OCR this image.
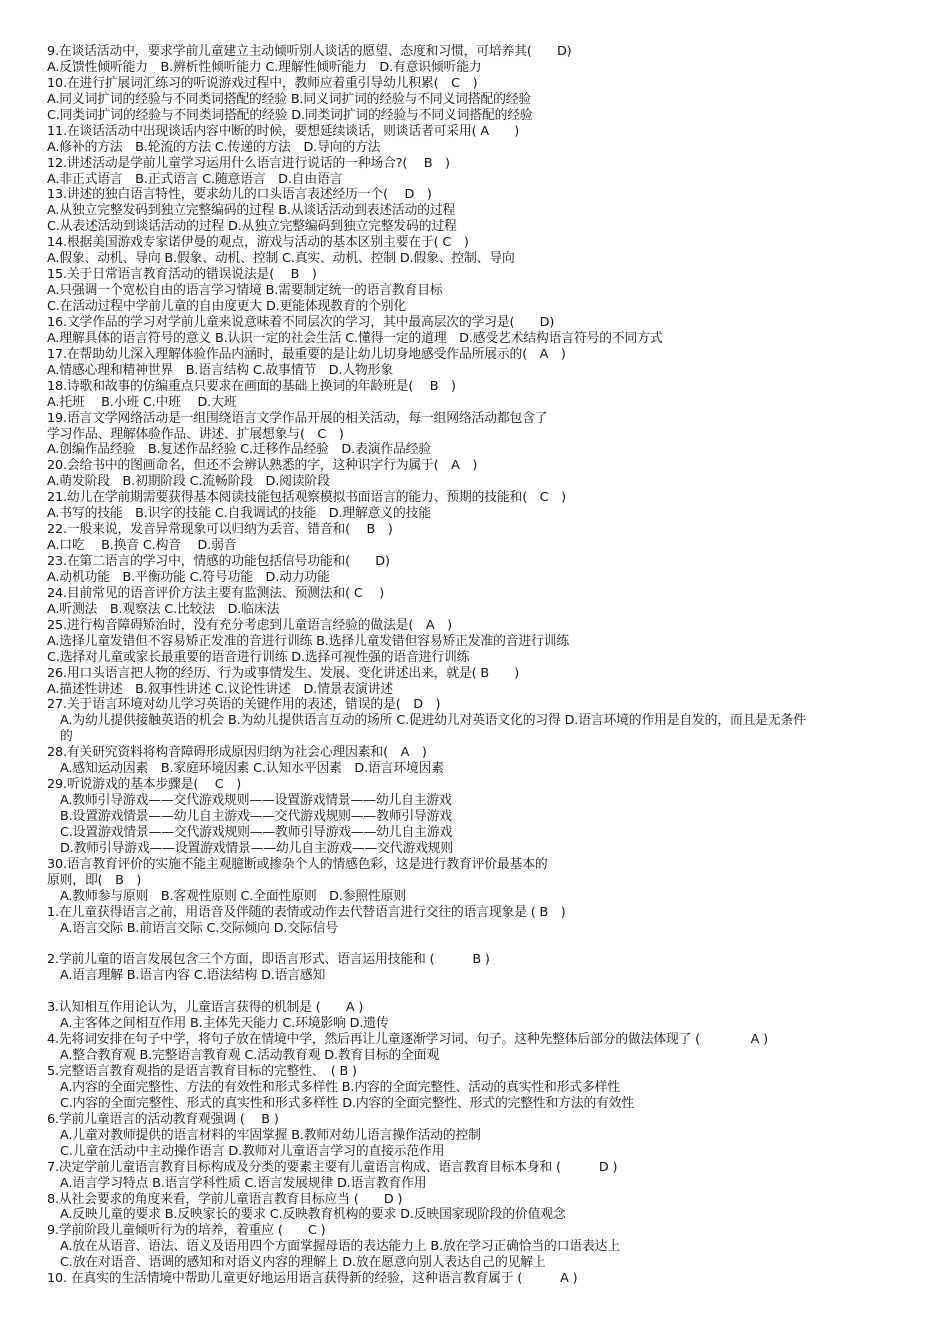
9.在谈话活动中，要求学前儿童建立主动倾听别人谈话的愿望、态度和习惯，可培养其(　　D)
A.反馈性倾听能力　B.辨析性倾听能力 C.理解性倾听能力　D.有意识倾听能力
10.在进行扩展词汇练习的听说游戏过程中，教师应着重引导幼儿积累(　C　)
A.同义词扩词的经验与不同类词搭配的经验 B.同义词扩词的经验与不同义词搭配的经验
C.同类词扩词的经验与不同类词搭配的经验 D.同类词扩词的经验与不同义词搭配的经验
11.在谈话活动中出现谈话内容中断的时候，要想延续谈话，则谈话者可采用( A　　)
A.修补的方法　B.轮流的方法 C.传递的方法　D.导向的方法
12.讲述活动是学前儿童学习运用什么语言进行说话的一种场合?(　 B　)
A.非正式语言　B.正式语言 C.随意语言　D.自由语言
13.讲述的独白语言特性，要求幼儿的口头语言表述经历一个(　 D　)
A.从独立完整发码到独立完整编码的过程 B.从谈话活动到表述活动的过程
C.从表述活动到谈话活动的过程 D.从独立完整编码到独立完整发码的过程
14.根据美国游戏专家诺伊曼的观点，游戏与活动的基本区别主要在于( C　)
A.假象、动机、导向 B.假象、动机、控制 C.真实、动机、控制 D.假象、控制、导向
15.关于日常语言教育活动的错误说法是(　 B　)
A.只强调一个宽松自由的语言学习情境 B.需要制定统一的语言教育目标
C.在活动过程中学前儿童的自由度更大 D.更能体现教育的个别化
16.文学作品的学习对学前儿童来说意味着不同层次的学习，其中最高层次的学习是(　　D)
A.理解具体的语言符号的意义 B.认识一定的社会生活 C.懂得一定的道理　D.感受艺术结构语言符号的不同方式
17.在帮助幼儿深入理解体验作品内涵时，最重要的是让幼儿切身地感受作品所展示的(　A　)
A.情感心理和精神世界　B.语言结构 C.故事情节　D.人物形象
18.诗歌和故事的仿编重点只要求在画面的基础上换词的年龄班是(　 B　)
A.托班　 B.小班 C.中班　 D.大班
19.语言文学网络活动是一组围绕语言文学作品开展的相关活动，每一组网络活动都包含了
学习作品、理解体验作品、讲述、扩展想象与(　C　)
A.创编作品经验　B.复述作品经验 C.迁移作品经验　D.表演作品经验
20.会给书中的图画命名，但还不会辨认熟悉的字，这种识字行为属于(　A　)
A.萌发阶段　B.初期阶段 C.流畅阶段　D.阅读阶段
21.幼儿在学前期需要获得基本阅读技能包括观察模拟书面语言的能力、预期的技能和(　C　)
A.书写的技能　B.识字的技能 C.自我调试的技能　D.理解意义的技能
22.一般来说，发音异常现象可以归纳为丢音、错音和(　 B　)
A.口吃　 B.换音 C.构音　 D.弱音
23.在第二语言的学习中，情感的功能包括信号功能和(　　D)
A.动机功能　B.平衡功能 C.符号功能　D.动力功能
24.目前常见的语音评价方法主要有监测法、预测法和( C　 )
A.听测法　B.观察法 C.比较法　D.临床法
25.进行构音障碍矫治时，没有充分考虑到儿童语言经验的做法是(　A　)
A.选择儿童发错但不容易矫正发准的音进行训练 B.选择儿童发错但容易矫正发准的音进行训练
C.选择对儿童或家长最重要的语音进行训练 D.选择可视性强的语音进行训练
26.用口头语言把人物的经历、行为或事情发生、发展、变化讲述出来，就是( B　　)
A.描述性讲述　B.叙事性讲述 C.议论性讲述　D.情景表演讲述
27.关于语言环境对幼儿学习英语的关键作用的表述，错误的是(　D　)
A.为幼儿提供接触英语的机会 B.为幼儿提供语言互动的场所 C.促进幼儿对英语文化的习得 D.语言环境的作用是自发的，而且是无条件
的
28.有关研究资料将构音障碍形成原因归纳为社会心理因素和(　A　)
A.感知运动因素　B.家庭环境因素 C.认知水平因素　D.语言环境因素
29.听说游戏的基本步骤是(　 C　)
A.教师引导游戏——交代游戏规则——设置游戏情景——幼儿自主游戏
B.设置游戏情景——幼儿自主游戏——交代游戏规则——教师引导游戏
C.设置游戏情景——交代游戏规则——教师引导游戏——幼儿自主游戏
D.教师引导游戏——设置游戏情景——幼儿自主游戏——交代游戏规则
30.语言教育评价的实施不能主观臆断或掺杂个人的情感色彩，这是进行教育评价最基本的
原则，即(　B　)
A.教师参与原则　B.客观性原则 C.全面性原则　D.参照性原则
1.在儿童获得语言之前，用语音及伴随的表情或动作去代替语言进行交往的语言现象是 ( B　)
A.语言交际 B.前语言交际 C.交际倾向 D.交际信号
2.学前儿童的语言发展包含三个方面，即语言形式、语言运用技能和 (　　　B )
A.语言理解 B.语言内容 C.语法结构 D.语言感知
3.认知相互作用论认为，儿童语言获得的机制是 (　　A )
A.主客体之间相互作用 B.主体先天能力 C.环境影响 D.遗传
4.先将词安排在句子中学，将句子放在情境中学，然后再让儿童逐渐学习词、句子。这种先整体后部分的做法体现了 (　　　　A )
A.整合教育观 B.完整语言教育观 C.活动教育观 D.教育目标的全面观
5.完整语言教育观指的是语言教育目标的完整性、　( B )
A.内容的全面完整性、方法的有效性和形式多样性 B.内容的全面完整性、活动的真实性和形式多样性
C.内容的全面完整性、形式的真实性和形式多样性 D.内容的全面完整性、形式的完整性和方法的有效性
6.学前儿童语言的活动教育观强调 (　 B )
A.儿童对教师提供的语言材料的牢固掌握 B.教师对幼儿语言操作活动的控制
C.儿童在活动中主动操作语言 D.教师对儿童语言学习的直接示范作用
7.决定学前儿童语言教育目标构成及分类的要素主要有儿童语言构成、语言教育目标本身和 (　　　D )
A.语言学习特点 B.语言学科性质 C.语言发展规律 D.语言教育作用
8.从社会要求的角度来看，学前儿童语言教育目标应当 (　　D )
A.反映儿童的要求 B.反映家长的要求 C.反映教育机构的要求 D.反映国家现阶段的价值观念
9.学前阶段儿童倾听行为的培养，着重应 (　　C )
A.放在从语音、语法、语义及语用四个方面掌握母语的表达能力上 B.放在学习正确恰当的口语表达上
C.放在对语音、语调的感知和对语义内容的理解上 D.放在愿意向别人表达自己的见解上
10. 在真实的生活情境中帮助儿童更好地运用语言获得新的经验，这种语言教育属于 (　　　A )
